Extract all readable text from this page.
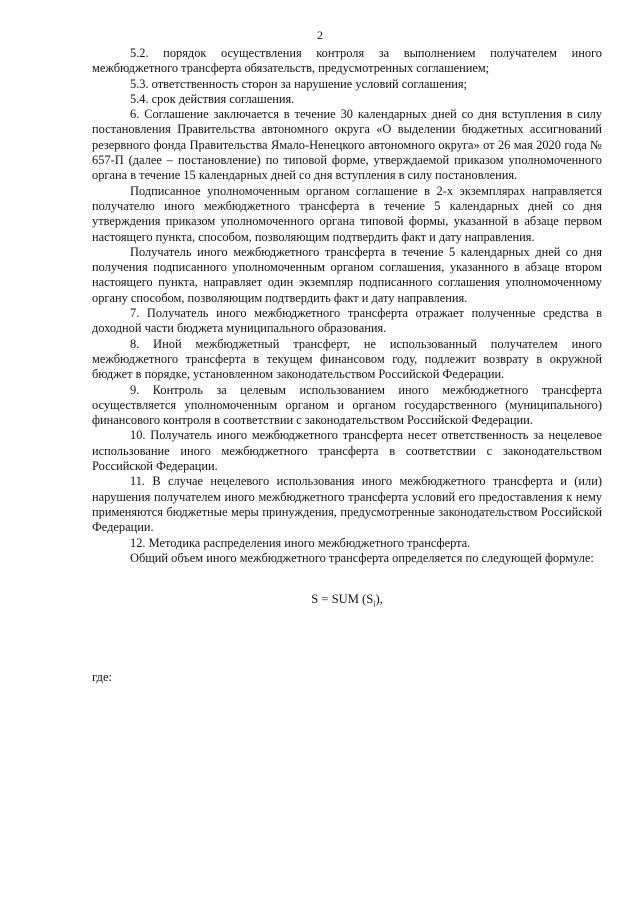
2

5.2. порядок осуществления контроля за выполнением получателем иного межбюджетного трансферта обязательств, предусмотренных соглашением;

5.3. ответственность сторон за нарушение условий соглашения;

5.4. срок действия соглашения.

6. Соглашение заключается в течение 30 календарных дней со дня вступления в силу постановления Правительства автономного округа «О выделении бюджетных ассигнований резервного фонда Правительства Ямало-Ненецкого автономного округа» от 26 мая 2020 года № 657-П (далее – постановление) по типовой форме, утверждаемой приказом уполномоченного органа в течение 15 календарных дней со дня вступления в силу постановления.

Подписанное уполномоченным органом соглашение в 2-х экземплярах направляется получателю иного межбюджетного трансферта в течение 5 календарных дней со дня утверждения приказом уполномоченного органа типовой формы, указанной в абзаце первом настоящего пункта, способом, позволяющим подтвердить факт и дату направления.

Получатель иного межбюджетного трансферта в течение 5 календарных дней со дня получения подписанного уполномоченным органом соглашения, указанного в абзаце втором настоящего пункта, направляет один экземпляр подписанного соглашения уполномоченному органу способом, позволяющим подтвердить факт и дату направления.

7. Получатель иного межбюджетного трансферта отражает полученные средства в доходной части бюджета муниципального образования.

8. Иной межбюджетный трансферт, не использованный получателем иного межбюджетного трансферта в текущем финансовом году, подлежит возврату в окружной бюджет в порядке, установленном законодательством Российской Федерации.

9. Контроль за целевым использованием иного межбюджетного трансферта осуществляется уполномоченным органом и органом государственного (муниципального) финансового контроля в соответствии с законодательством Российской Федерации.

10. Получатель иного межбюджетного трансферта несет ответственность за нецелевое использование иного межбюджетного трансферта в соответствии с законодательством Российской Федерации.

11. В случае нецелевого использования иного межбюджетного трансферта и (или) нарушения получателем иного межбюджетного трансферта условий его предоставления к нему применяются бюджетные меры принуждения, предусмотренные законодательством Российской Федерации.

12. Методика распределения иного межбюджетного трансферта.

Общий объем иного межбюджетного трансферта определяется по следующей формуле:

S = SUM $(S_i)$,

где:
